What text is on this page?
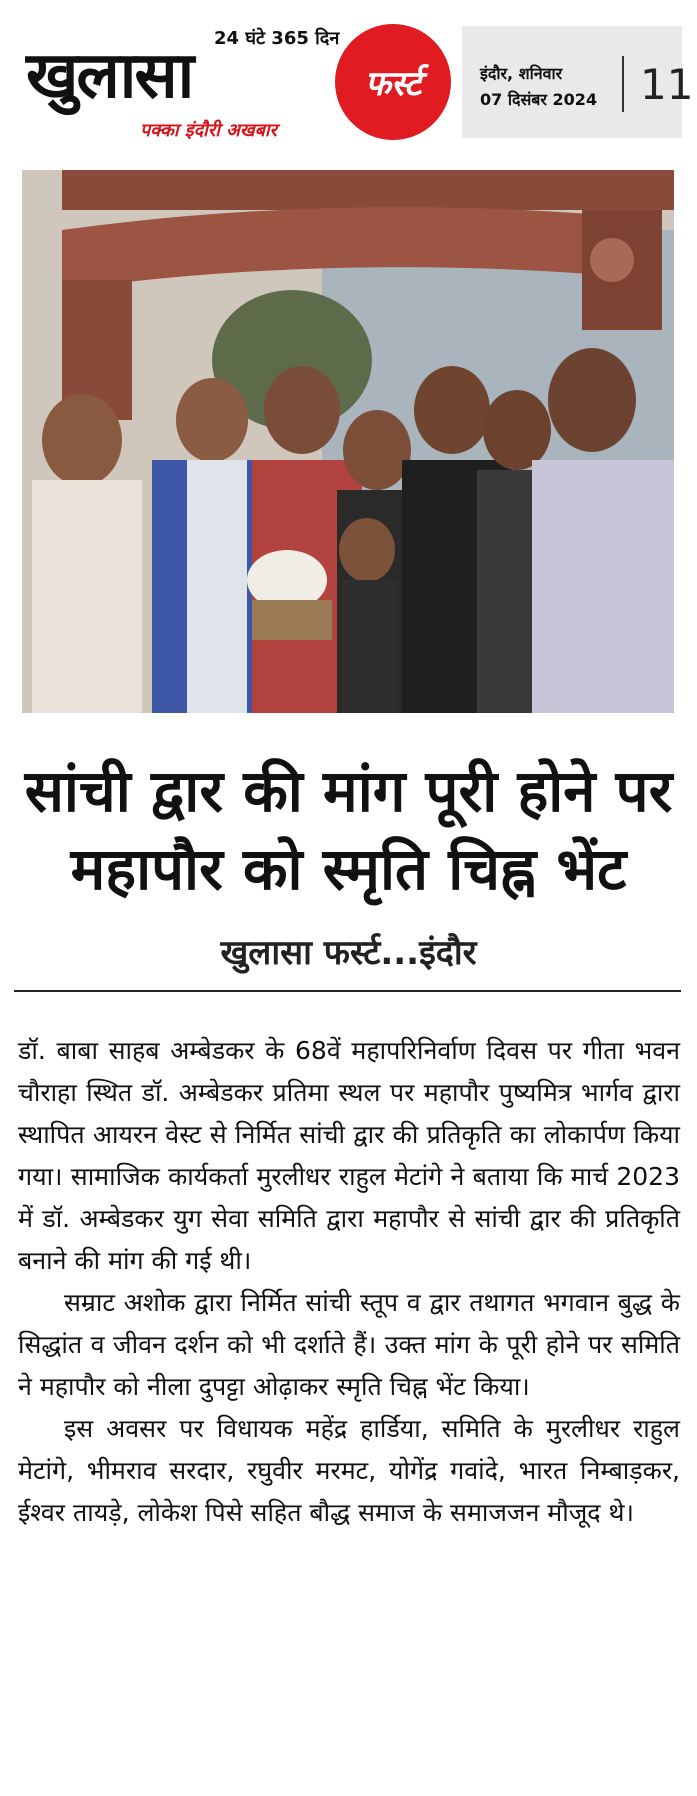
24 घंटे 365 दिन
खुलासा
पक्का इंदौरी अखबार
फर्स्ट	इंदौर, शनिवार
07 दिसंबर 2024 11
सांची द्वार की मांग पूरी होने पर
महापौर को स्मृति चिह्न भेंट
खुलासा फर्स्ट...इंदौर

डॉ. बाबा साहब अम्बेडकर के 68वें महापरिनिर्वाण दिवस पर गीता भवन चौराहा स्थित डॉ. अम्बेडकर प्रतिमा स्थल पर महापौर पुष्यमित्र भार्गव द्वारा स्थापित आयरन वेस्ट से निर्मित सांची द्वार की प्रतिकृति का लोकार्पण किया गया। सामाजिक कार्यकर्ता मुरलीधर राहुल मेटांगे ने बताया कि मार्च 2023 में डॉ. अम्बेडकर युग सेवा समिति द्वारा महापौर से सांची द्वार की प्रतिकृति बनाने की मांग की गई थी।

सम्राट अशोक द्वारा निर्मित सांची स्तूप व द्वार तथागत भगवान बुद्ध के सिद्धांत व जीवन दर्शन को भी दर्शाते हैं। उक्त मांग के पूरी होने पर समिति ने महापौर को नीला दुपट्टा ओढ़ाकर स्मृति चिह्न भेंट किया।

इस अवसर पर विधायक महेंद्र हार्डिया, समिति के मुरलीधर राहुल मेटांगे, भीमराव सरदार, रघुवीर मरमट, योगेंद्र गवांदे, भारत निम्बाड़कर, ईश्वर तायड़े, लोकेश पिसे सहित बौद्ध समाज के समाजजन मौजूद थे।
